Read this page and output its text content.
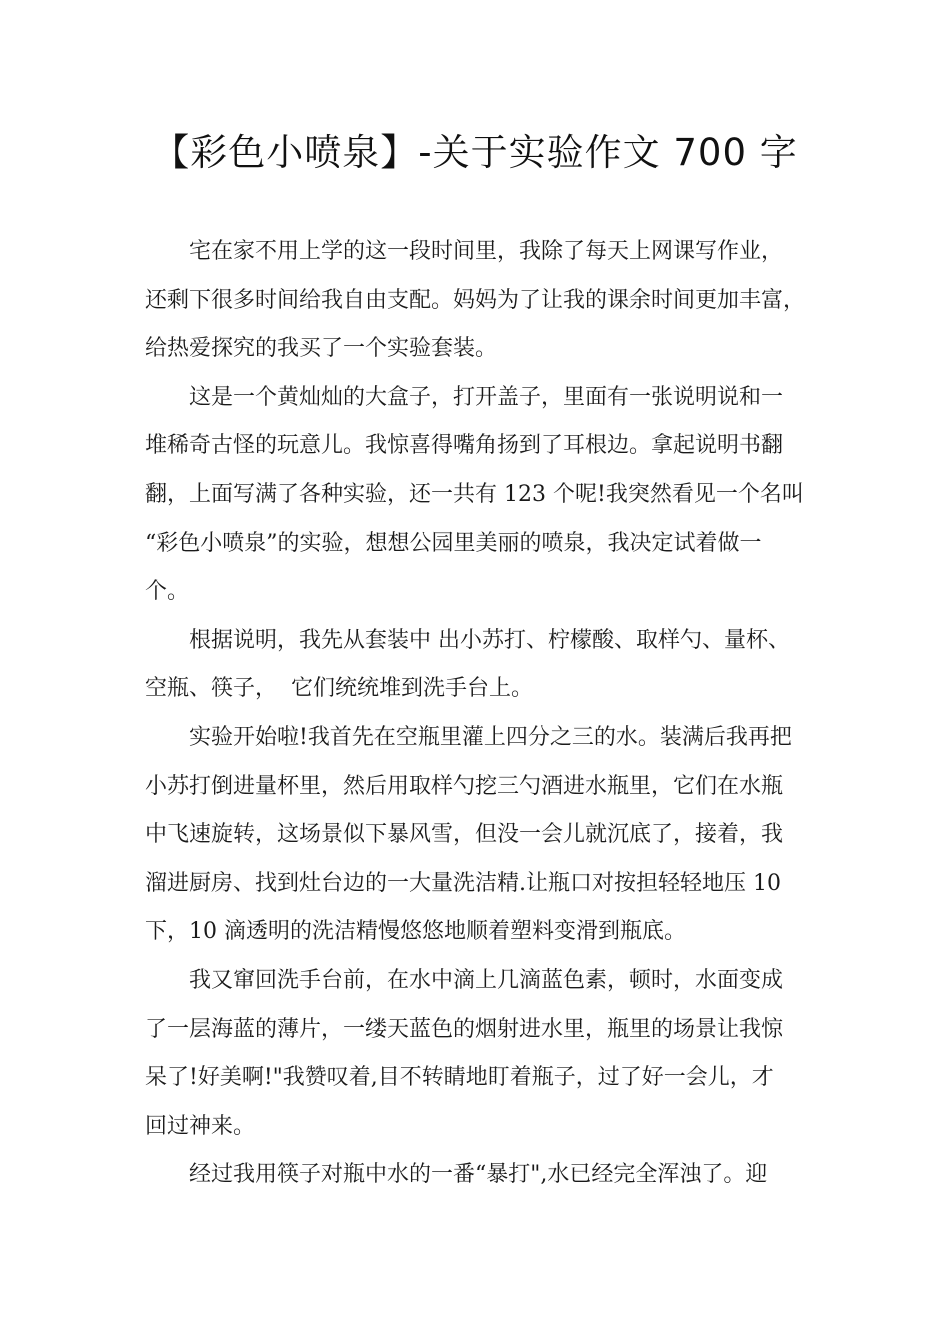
【彩色小喷泉】-关于实验作文 700 字
宅在家不用上学的这一段时间里，我除了每天上网课写作业，
还剩下很多时间给我自由支配。妈妈为了让我的课余时间更加丰富，
给热爱探究的我买了一个实验套装。
这是一个黄灿灿的大盒子，打开盖子，里面有一张说明说和一
堆稀奇古怪的玩意儿。我惊喜得嘴角扬到了耳根边。拿起说明书翻
翻，上面写满了各种实验，还一共有 123 个呢!我突然看见一个名叫
“彩色小喷泉”的实验，想想公园里美丽的喷泉，我决定试着做一
个。
根据说明，我先从套装中 出小苏打、柠檬酸、取样勺、量杯、
空瓶、筷子，  它们统统堆到洗手台上。
实验开始啦!我首先在空瓶里灌上四分之三的水。装满后我再把
小苏打倒进量杯里，然后用取样勺挖三勺酒进水瓶里，它们在水瓶
中飞速旋转，这场景似下暴风雪，但没一会儿就沉底了，接着，我
溜进厨房、找到灶台边的一大量洗洁精.让瓶口对按担轻轻地压 10
下，10 滴透明的洗洁精慢悠悠地顺着塑料变滑到瓶底。
我又窜回洗手台前，在水中滴上几滴蓝色素，顿时，水面变成
了一层海蓝的薄片，一缕天蓝色的烟射进水里，瓶里的场景让我惊
呆了!好美啊!"我赞叹着,目不转睛地盯着瓶子，过了好一会儿，才
回过神来。
经过我用筷子对瓶中水的一番“暴打",水已经完全浑浊了。迎
